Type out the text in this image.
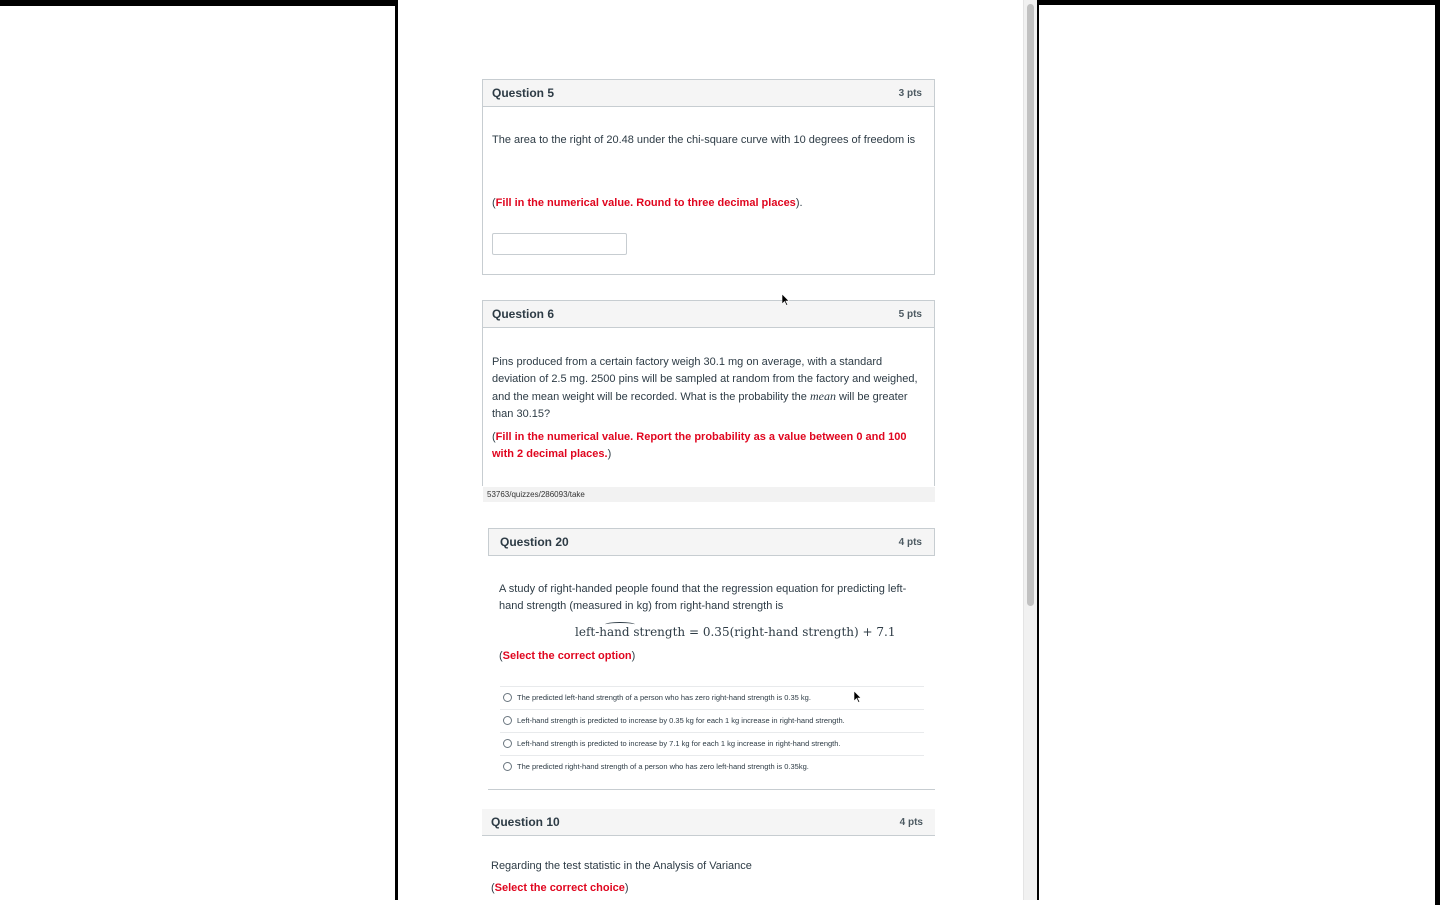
Question 5	3 pts
The area to the right of 20.48 under the chi-square curve with 10 degrees of freedom is
(Fill in the numerical value. Round to three decimal places).
Question 6	5 pts
Pins produced from a certain factory weigh 30.1 mg on average, with a standard deviation of 2.5 mg. 2500 pins will be sampled at random from the factory and weighed, and the mean weight will be recorded. What is the probability the mean will be greater than 30.15?
(Fill in the numerical value. Report the probability as a value between 0 and 100 with 2 decimal places.)
53763/quizzes/286093/take
Question 20	4 pts
A study of right-handed people found that the regression equation for predicting left-hand strength (measured in kg) from right-hand strength is
left-hand strength = 0.35(right-hand strength) + 7.1
(Select the correct option)
The predicted left-hand strength of a person who has zero right-hand strength is 0.35 kg.
Left-hand strength is predicted to increase by 0.35 kg for each 1 kg increase in right-hand strength.
Left-hand strength is predicted to increase by 7.1 kg for each 1 kg increase in right-hand strength.
The predicted right-hand strength of a person who has zero left-hand strength is 0.35kg.
Question 10	4 pts
Regarding the test statistic in the Analysis of Variance
(Select the correct choice)
